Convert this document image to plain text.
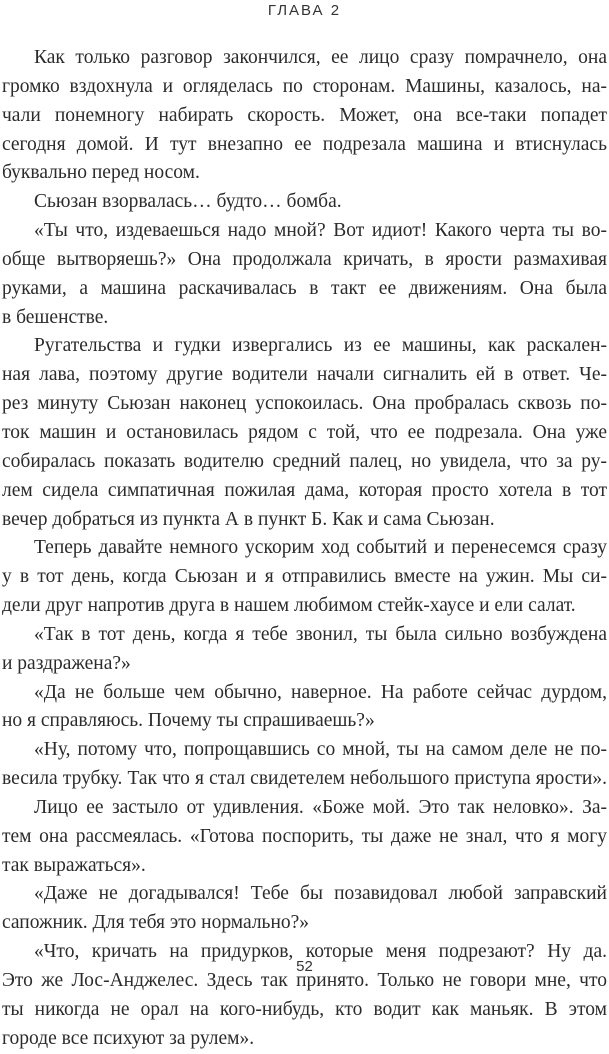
ГЛАВА 2

Как только разговор закончился, ее лицо сразу помрачнело, она

громко вздохнула и огляделась по сторонам. Машины, казалось, на-

чали понемногу набирать скорость. Может, она все-таки попадет

сегодня домой. И тут внезапно ее подрезала машина и втиснулась

буквально перед носом.

Сьюзан взорвалась… будто… бомба.

«Ты что, издеваешься надо мной? Вот идиот! Какого черта ты во-

обще вытворяешь?» Она продолжала кричать, в ярости размахивая

руками, а машина раскачивалась в такт ее движениям. Она была

в бешенстве.

Ругательства и гудки извергались из ее машины, как раскален-

ная лава, поэтому другие водители начали сигналить ей в ответ. Че-

рез минуту Сьюзан наконец успокоилась. Она пробралась сквозь по-

ток машин и остановилась рядом с той, что ее подрезала. Она уже

собиралась показать водителю средний палец, но увидела, что за ру-

лем сидела симпатичная пожилая дама, которая просто хотела в тот

вечер добраться из пункта А в пункт Б. Как и сама Сьюзан.

Теперь давайте немного ускорим ход событий и перенесемся сразу

у в тот день, когда Сьюзан и я отправились вместе на ужин. Мы си-

дели друг напротив друга в нашем любимом стейк-хаусе и ели салат.

«Так в тот день, когда я тебе звонил, ты была сильно возбуждена

и раздражена?»

«Да не больше чем обычно, наверное. На работе сейчас дурдом,

но я справляюсь. Почему ты спрашиваешь?»

«Ну, потому что, попрощавшись со мной, ты на самом деле не по-

весила трубку. Так что я стал свидетелем небольшого приступа ярости».

Лицо ее застыло от удивления. «Боже мой. Это так неловко». За-

тем она рассмеялась. «Готова поспорить, ты даже не знал, что я могу

так выражаться».

«Даже не догадывался! Тебе бы позавидовал любой заправский

сапожник. Для тебя это нормально?»

«Что, кричать на придурков, которые меня подрезают? Ну да.

Это же Лос-Анджелес. Здесь так принято. Только не говори мне, что

ты никогда не орал на кого-нибудь, кто водит как маньяк. В этом

городе все психуют за рулем».

52
